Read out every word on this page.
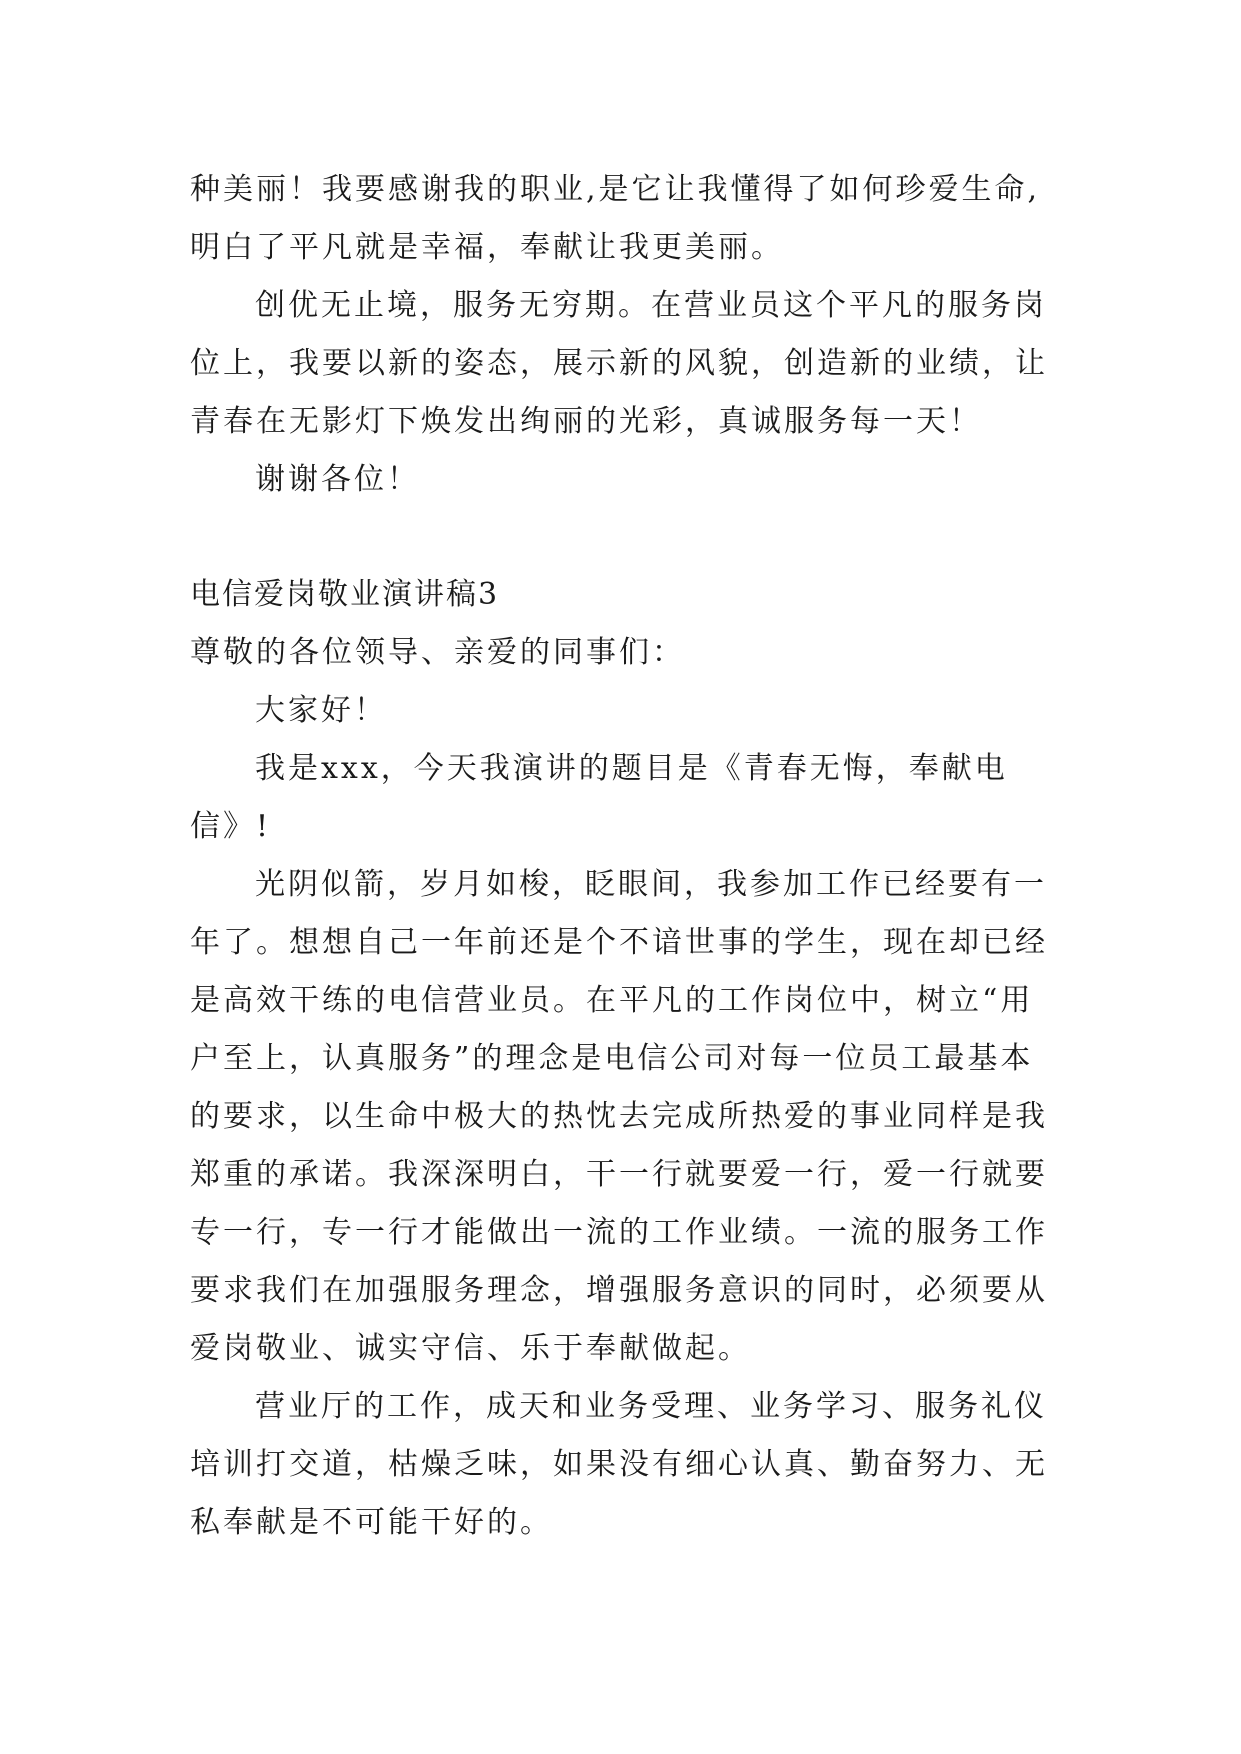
种美丽！我要感谢我的职业,是它让我懂得了如何珍爱生命,
明白了平凡就是幸福，奉献让我更美丽。
创优无止境，服务无穷期。在营业员这个平凡的服务岗
位上，我要以新的姿态，展示新的风貌，创造新的业绩，让
青春在无影灯下焕发出绚丽的光彩，真诚服务每一天！
谢谢各位！
电信爱岗敬业演讲稿3
尊敬的各位领导、亲爱的同事们：
大家好！
我是xxx，今天我演讲的题目是《青春无悔，奉献电
信》!
光阴似箭，岁月如梭，眨眼间，我参加工作已经要有一
年了。想想自己一年前还是个不谙世事的学生，现在却已经
是高效干练的电信营业员。在平凡的工作岗位中，树立“用
户至上，认真服务”的理念是电信公司对每一位员工最基本
的要求，以生命中极大的热忱去完成所热爱的事业同样是我
郑重的承诺。我深深明白，干一行就要爱一行，爱一行就要
专一行，专一行才能做出一流的工作业绩。一流的服务工作
要求我们在加强服务理念，增强服务意识的同时，必须要从
爱岗敬业、诚实守信、乐于奉献做起。
营业厅的工作，成天和业务受理、业务学习、服务礼仪
培训打交道，枯燥乏味，如果没有细心认真、勤奋努力、无
私奉献是不可能干好的。
